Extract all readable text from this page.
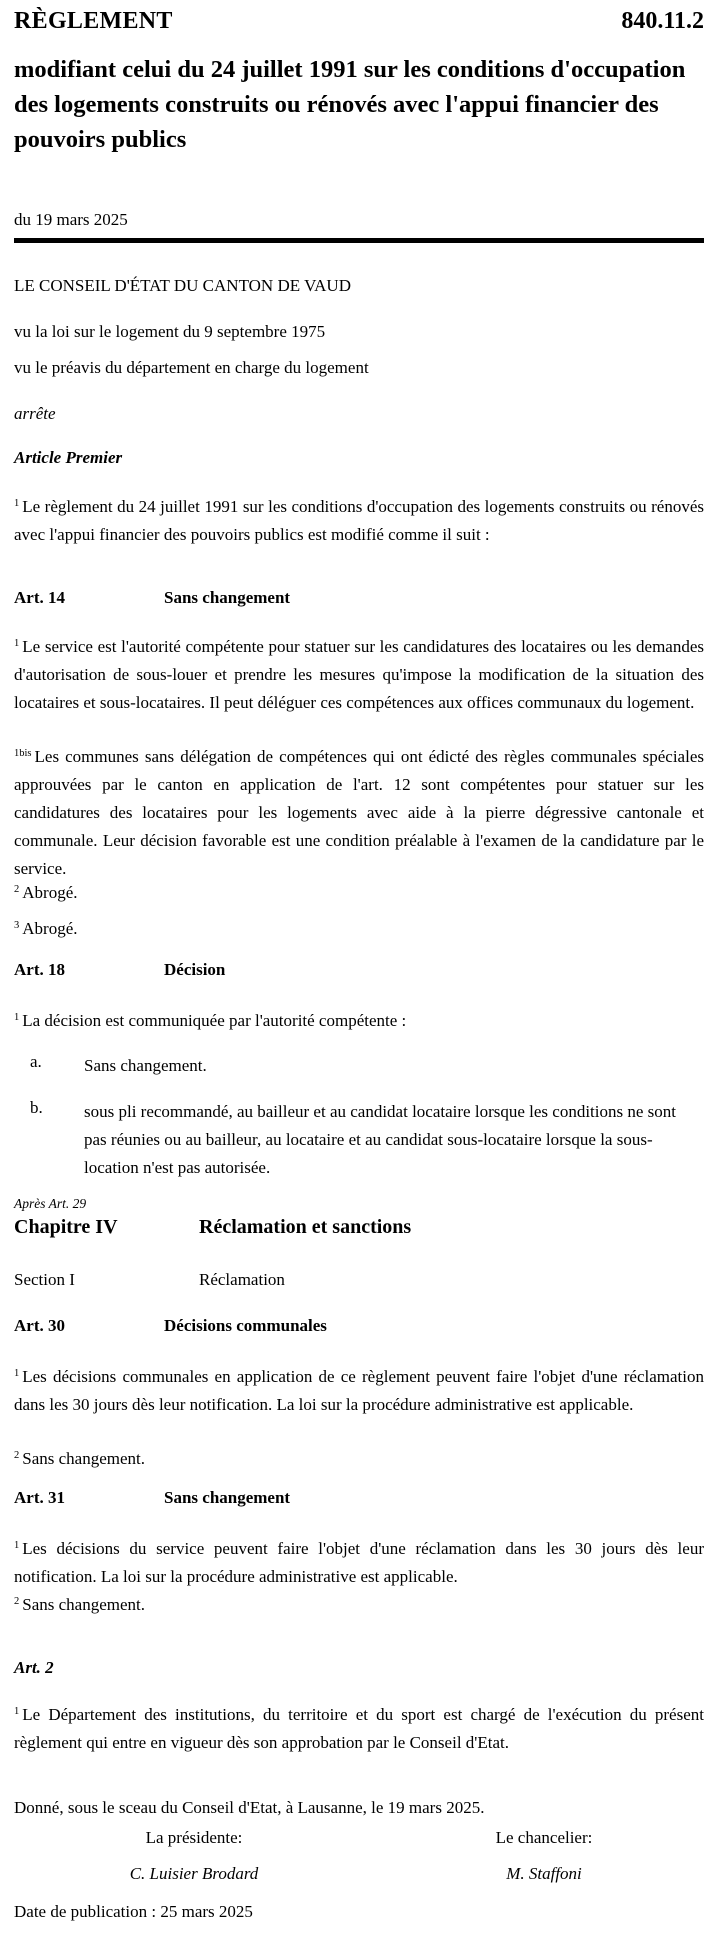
RÈGLEMENT	840.11.2
modifiant celui du 24 juillet 1991 sur les conditions d'occupation des logements construits ou rénovés avec l'appui financier des pouvoirs publics
du 19 mars 2025
LE CONSEIL D'ÉTAT DU CANTON DE VAUD
vu la loi sur le logement du 9 septembre 1975
vu le préavis du département en charge du logement
arrête
Article Premier
$^1$ Le règlement du 24 juillet 1991 sur les conditions d'occupation des logements construits ou rénovés avec l'appui financier des pouvoirs publics est modifié comme il suit :
Art. 14	Sans changement
$^1$ Le service est l'autorité compétente pour statuer sur les candidatures des locataires ou les demandes d'autorisation de sous-louer et prendre les mesures qu'impose la modification de la situation des locataires et sous-locataires. Il peut déléguer ces compétences aux offices communaux du logement.
$^{1bis}$ Les communes sans délégation de compétences qui ont édicté des règles communales spéciales approuvées par le canton en application de l'art. 12 sont compétentes pour statuer sur les candidatures des locataires pour les logements avec aide à la pierre dégressive cantonale et communale. Leur décision favorable est une condition préalable à l'examen de la candidature par le service.
$^2$ Abrogé.
$^3$ Abrogé.
Art. 18	Décision
$^1$ La décision est communiquée par l'autorité compétente :
a. Sans changement.
b. sous pli recommandé, au bailleur et au candidat locataire lorsque les conditions ne sont pas réunies ou au bailleur, au locataire et au candidat sous-locataire lorsque la sous-location n'est pas autorisée.
Après Art. 29
Chapitre IV	Réclamation et sanctions
Section I	Réclamation
Art. 30	Décisions communales
$^1$ Les décisions communales en application de ce règlement peuvent faire l'objet d'une réclamation dans les 30 jours dès leur notification. La loi sur la procédure administrative est applicable.
$^2$ Sans changement.
Art. 31	Sans changement
$^1$ Les décisions du service peuvent faire l'objet d'une réclamation dans les 30 jours dès leur notification. La loi sur la procédure administrative est applicable.
$^2$ Sans changement.
Art. 2
$^1$ Le Département des institutions, du territoire et du sport est chargé de l'exécution du présent règlement qui entre en vigueur dès son approbation par le Conseil d'Etat.
Donné, sous le sceau du Conseil d'Etat, à Lausanne, le 19 mars 2025.
La présidente:	Le chancelier:
C. Luisier Brodard	M. Staffoni
Date de publication : 25 mars 2025
